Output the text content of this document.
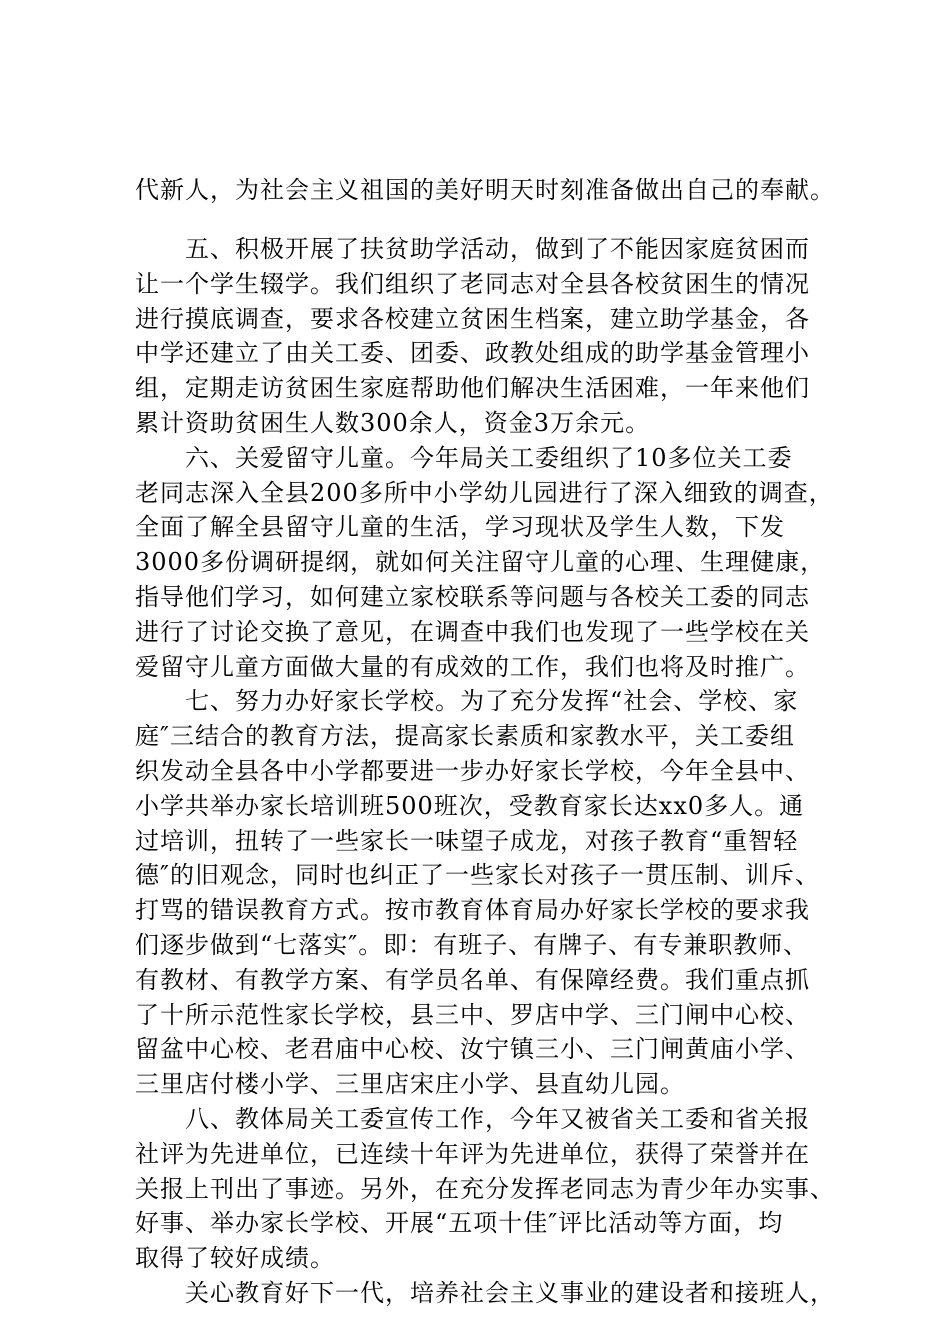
代新人，为社会主义祖国的美好明天时刻准备做出自己的奉献。
　　五、积极开展了扶贫助学活动，做到了不能因家庭贫困而
让一个学生辍学。我们组织了老同志对全县各校贫困生的情况
进行摸底调查，要求各校建立贫困生档案，建立助学基金，各
中学还建立了由关工委、团委、政教处组成的助学基金管理小
组，定期走访贫困生家庭帮助他们解决生活困难，一年来他们
累计资助贫困生人数300余人，资金3万余元。
　　六、关爱留守儿童。今年局关工委组织了10多位关工委
老同志深入全县200多所中小学幼儿园进行了深入细致的调查，
全面了解全县留守儿童的生活，学习现状及学生人数，下发
3000多份调研提纲，就如何关注留守儿童的心理、生理健康，
指导他们学习，如何建立家校联系等问题与各校关工委的同志
进行了讨论交换了意见，在调查中我们也发现了一些学校在关
爱留守儿童方面做大量的有成效的工作，我们也将及时推广。
　　七、努力办好家长学校。为了充分发挥“社会、学校、家
庭″三结合的教育方法，提高家长素质和家教水平，关工委组
织发动全县各中小学都要进一步办好家长学校，今年全县中、
小学共举办家长培训班500班次，受教育家长达xx0多人。通
过培训，扭转了一些家长一味望子成龙，对孩子教育“重智轻
德″的旧观念，同时也纠正了一些家长对孩子一贯压制、训斥、
打骂的错误教育方式。按市教育体育局办好家长学校的要求我
们逐步做到“七落实″。即：有班子、有牌子、有专兼职教师、
有教材、有教学方案、有学员名单、有保障经费。我们重点抓
了十所示范性家长学校，县三中、罗店中学、三门闸中心校、
留盆中心校、老君庙中心校、汝宁镇三小、三门闸黄庙小学、
三里店付楼小学、三里店宋庄小学、县直幼儿园。
　　八、教体局关工委宣传工作，今年又被省关工委和省关报
社评为先进单位，已连续十年评为先进单位，获得了荣誉并在
关报上刊出了事迹。另外，在充分发挥老同志为青少年办实事、
好事、举办家长学校、开展“五项十佳″评比活动等方面，均
取得了较好成绩。
　　关心教育好下一代，培养社会主义事业的建设者和接班人，
